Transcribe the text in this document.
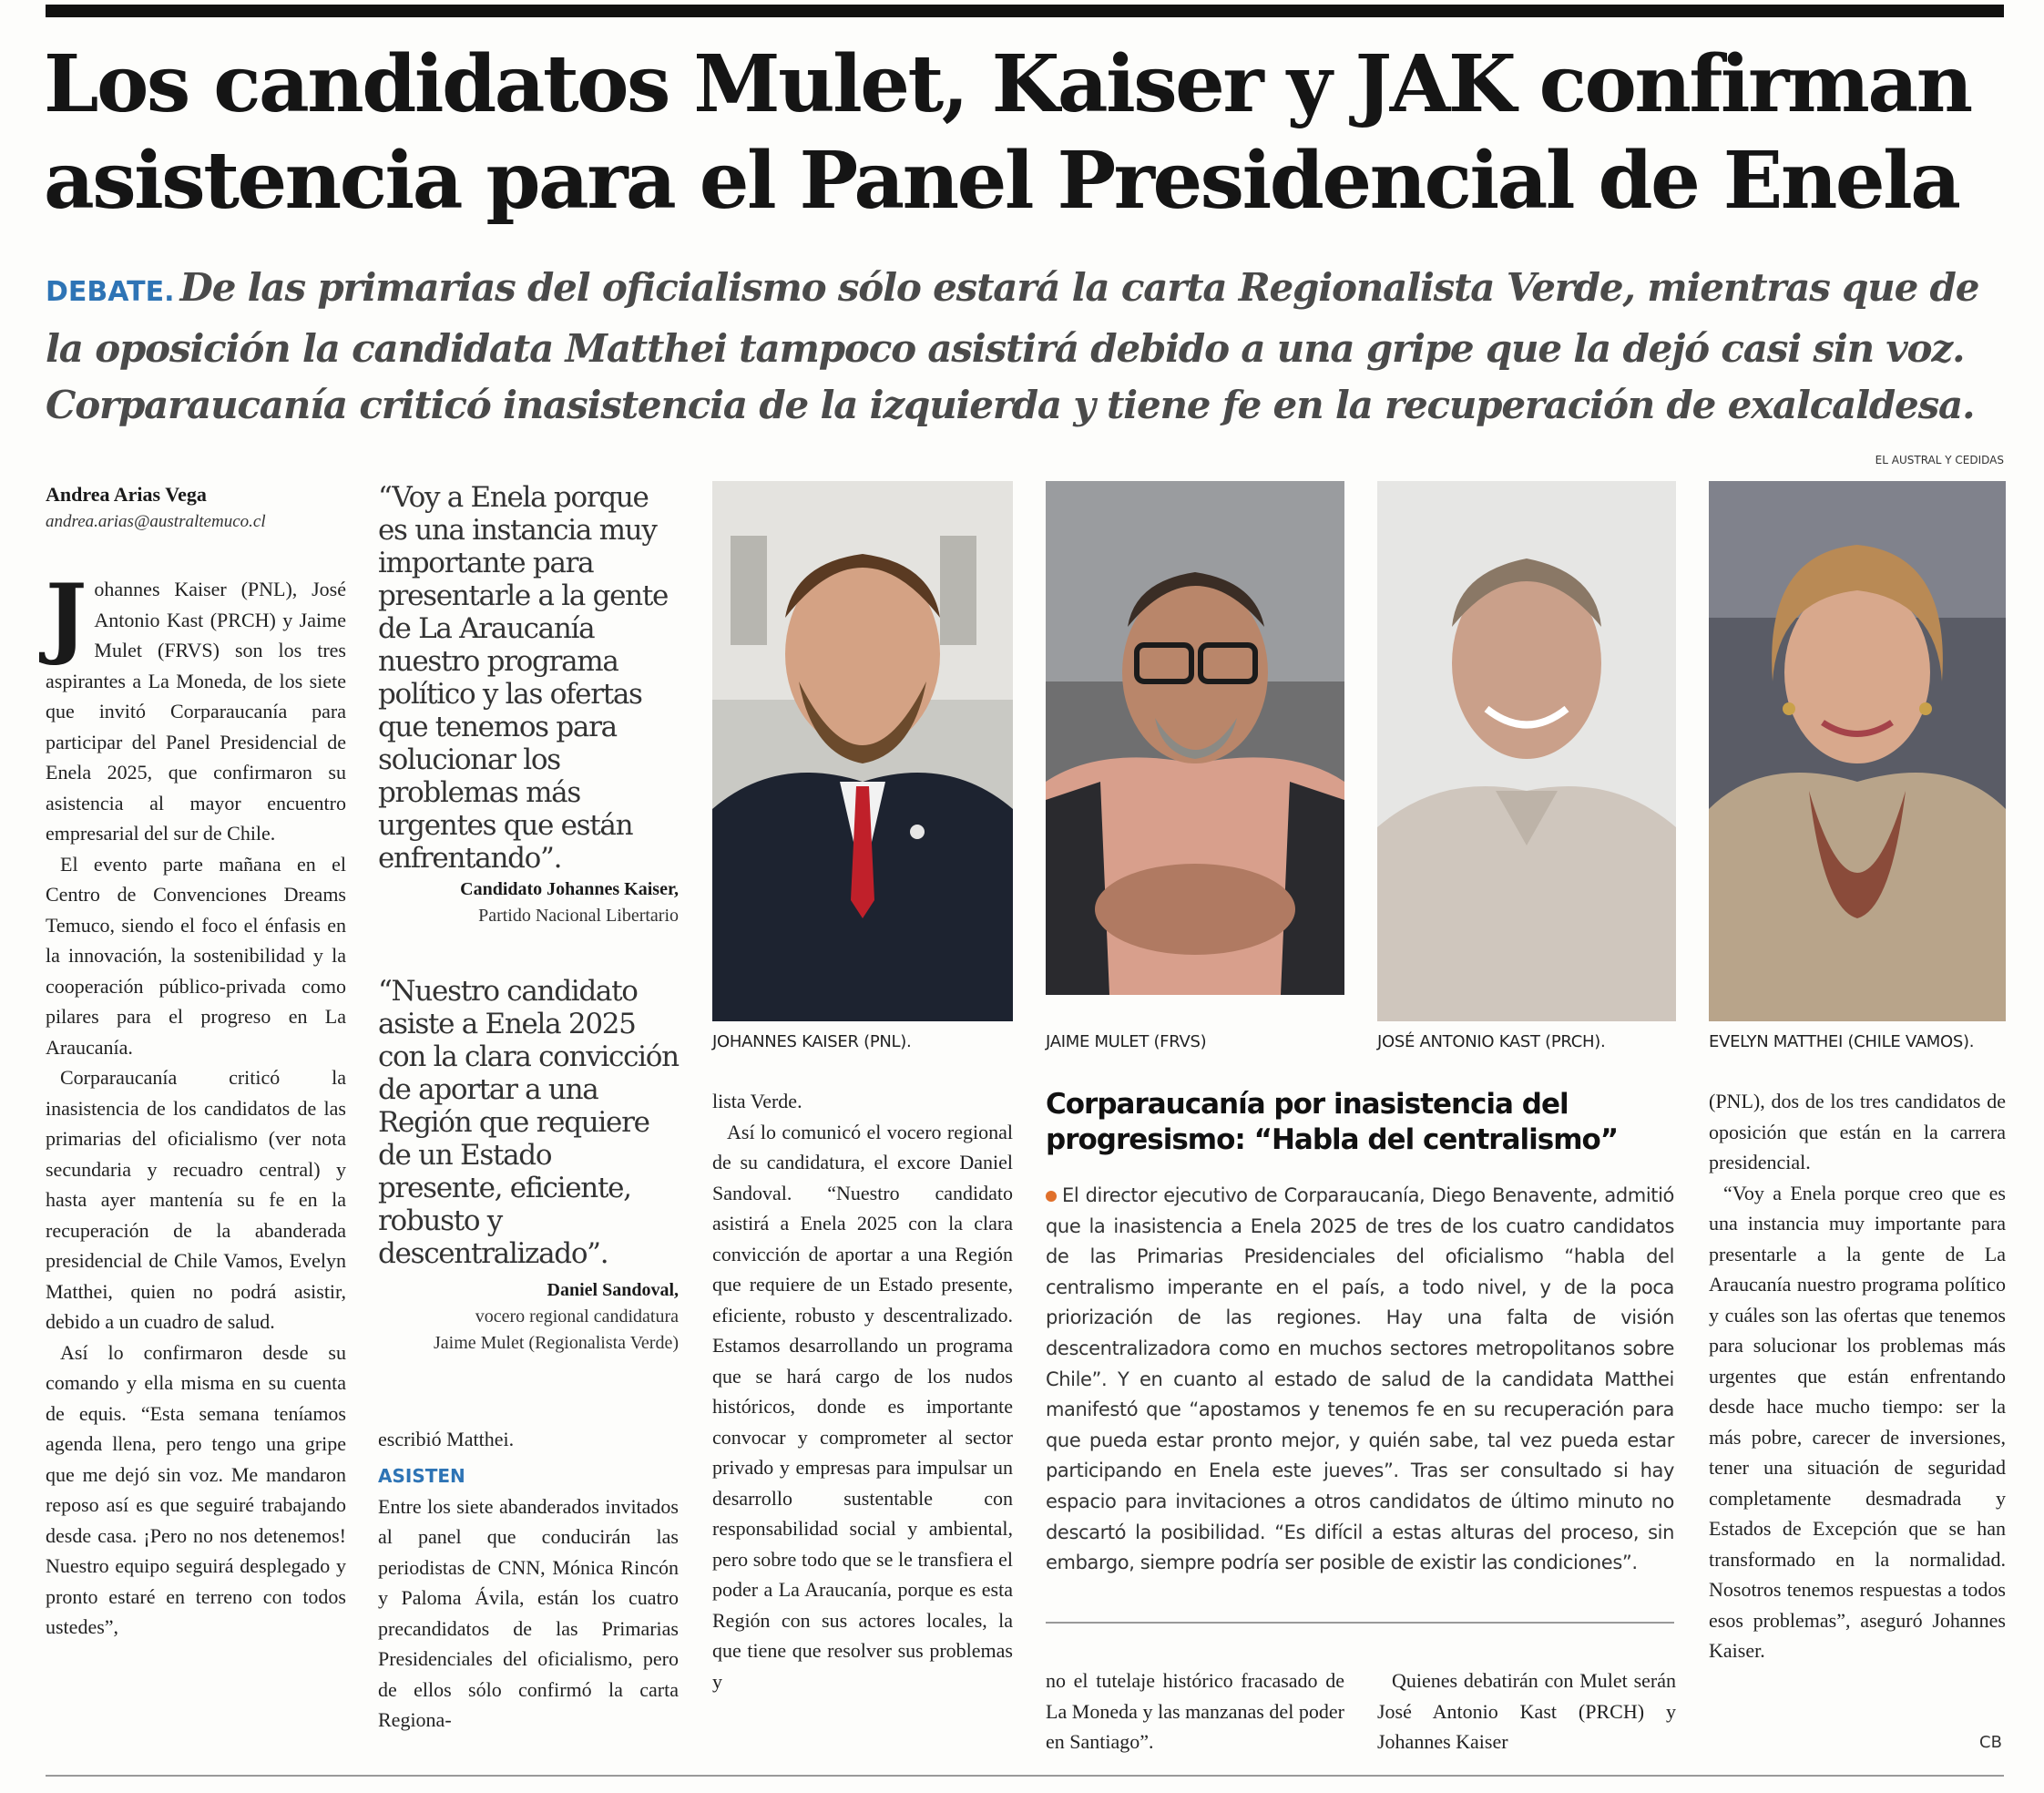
Los candidatos Mulet, Kaiser y JAK confirman
asistencia para el Panel Presidencial de Enela
DEBATE. De las primarias del oficialismo sólo estará la carta Regionalista Verde, mientras que de la oposición la candidata Matthei tampoco asistirá debido a una gripe que la dejó casi sin voz. Corparaucanía criticó inasistencia de la izquierda y tiene fe en la recuperación de exalcaldesa.
EL AUSTRAL Y CEDIDAS
Andrea Arias Vega
andrea.arias@australtemuco.cl

Johannes Kaiser (PNL), José Antonio Kast (PRCH) y Jaime Mulet (FRVS) son los tres aspirantes a La Moneda, de los siete que invitó Corparaucanía para participar del Panel Presidencial de Enela 2025, que confirmaron su asistencia al mayor encuentro empresarial del sur de Chile.

El evento parte mañana en el Centro de Convenciones Dreams Temuco, siendo el foco el énfasis en la innovación, la sostenibilidad y la cooperación público-privada como pilares para el progreso en La Araucanía.

Corparaucanía criticó la inasistencia de los candidatos de las primarias del oficialismo (ver nota secundaria y recuadro central) y hasta ayer mantenía su fe en la recuperación de la abanderada presidencial de Chile Vamos, Evelyn Matthei, quien no podrá asistir, debido a un cuadro de salud.

Así lo confirmaron desde su comando y ella misma en su cuenta de equis. “Esta semana teníamos agenda llena, pero tengo una gripe que me dejó sin voz. Me mandaron reposo así es que seguiré trabajando desde casa. ¡Pero no nos detenemos! Nuestro equipo seguirá desplegado y pronto estaré en terreno con todos ustedes”,

“Voy a Enela porque es una instancia muy importante para presentarle a la gente de La Araucanía nuestro programa político y las ofertas que tenemos para solucionar los problemas más urgentes que están enfrentando”.
Candidato Johannes Kaiser,
Partido Nacional Libertario
“Nuestro candidato asiste a Enela 2025 con la clara convicción de aportar a una Región que requiere de un Estado presente, eficiente, robusto y descentralizado”.
Daniel Sandoval,
vocero regional candidatura
Jaime Mulet (Regionalista Verde)

escribió Matthei.

ASISTEN

Entre los siete abanderados invitados al panel que conducirán las periodistas de CNN, Mónica Rincón y Paloma Ávila, están los cuatro precandidatos de las Primarias Presidenciales del oficialismo, pero de ellos sólo confirmó la carta Regiona-

JOHANNES KAISER (PNL).	JAIME MULET (FRVS)	JOSÉ ANTONIO KAST (PRCH).	EVELYN MATTHEI (CHILE VAMOS).

lista Verde.

Así lo comunicó el vocero regional de su candidatura, el excore Daniel Sandoval. “Nuestro candidato asistirá a Enela 2025 con la clara convicción de aportar a una Región que requiere de un Estado presente, eficiente, robusto y descentralizado. Estamos desarrollando un programa que se hará cargo de los nudos históricos, donde es importante convocar y comprometer al sector privado y empresas para impulsar un desarrollo sustentable con responsabilidad social y ambiental, pero sobre todo que se le transfiera el poder a La Araucanía, porque es esta Región con sus actores locales, la que tiene que resolver sus problemas y

Corparaucanía por inasistencia del progresismo: “Habla del centralismo”
El director ejecutivo de Corparaucanía, Diego Benavente, admitió que la inasistencia a Enela 2025 de tres de los cuatro candidatos de las Primarias Presidenciales del oficialismo “habla del centralismo imperante en el país, a todo nivel, y de la poca priorización de las regiones. Hay una falta de visión descentralizadora como en muchos sectores metropolitanos sobre Chile”. Y en cuanto al estado de salud de la candidata Matthei manifestó que “apostamos y tenemos fe en su recuperación para que pueda estar pronto mejor, y quién sabe, tal vez pueda estar participando en Enela este jueves”. Tras ser consultado si hay espacio para invitaciones a otros candidatos de último minuto no descartó la posibilidad. “Es difícil a estas alturas del proceso, sin embargo, siempre podría ser posible de existir las condiciones”.

no el tutelaje histórico fracasado de La Moneda y las manzanas del poder en Santiago”.

Quienes debatirán con Mulet serán José Antonio Kast (PRCH) y Johannes Kaiser

(PNL), dos de los tres candidatos de oposición que están en la carrera presidencial.

“Voy a Enela porque creo que es una instancia muy importante para presentarle a la gente de La Araucanía nuestro programa político y cuáles son las ofertas que tenemos para solucionar los problemas más urgentes que están enfrentando desde hace mucho tiempo: ser la más pobre, carecer de inversiones, tener una situación de seguridad completamente desmadrada y Estados de Excepción que se han transformado en la normalidad. Nosotros tenemos respuestas a todos esos problemas”, aseguró Johannes Kaiser.

CB
